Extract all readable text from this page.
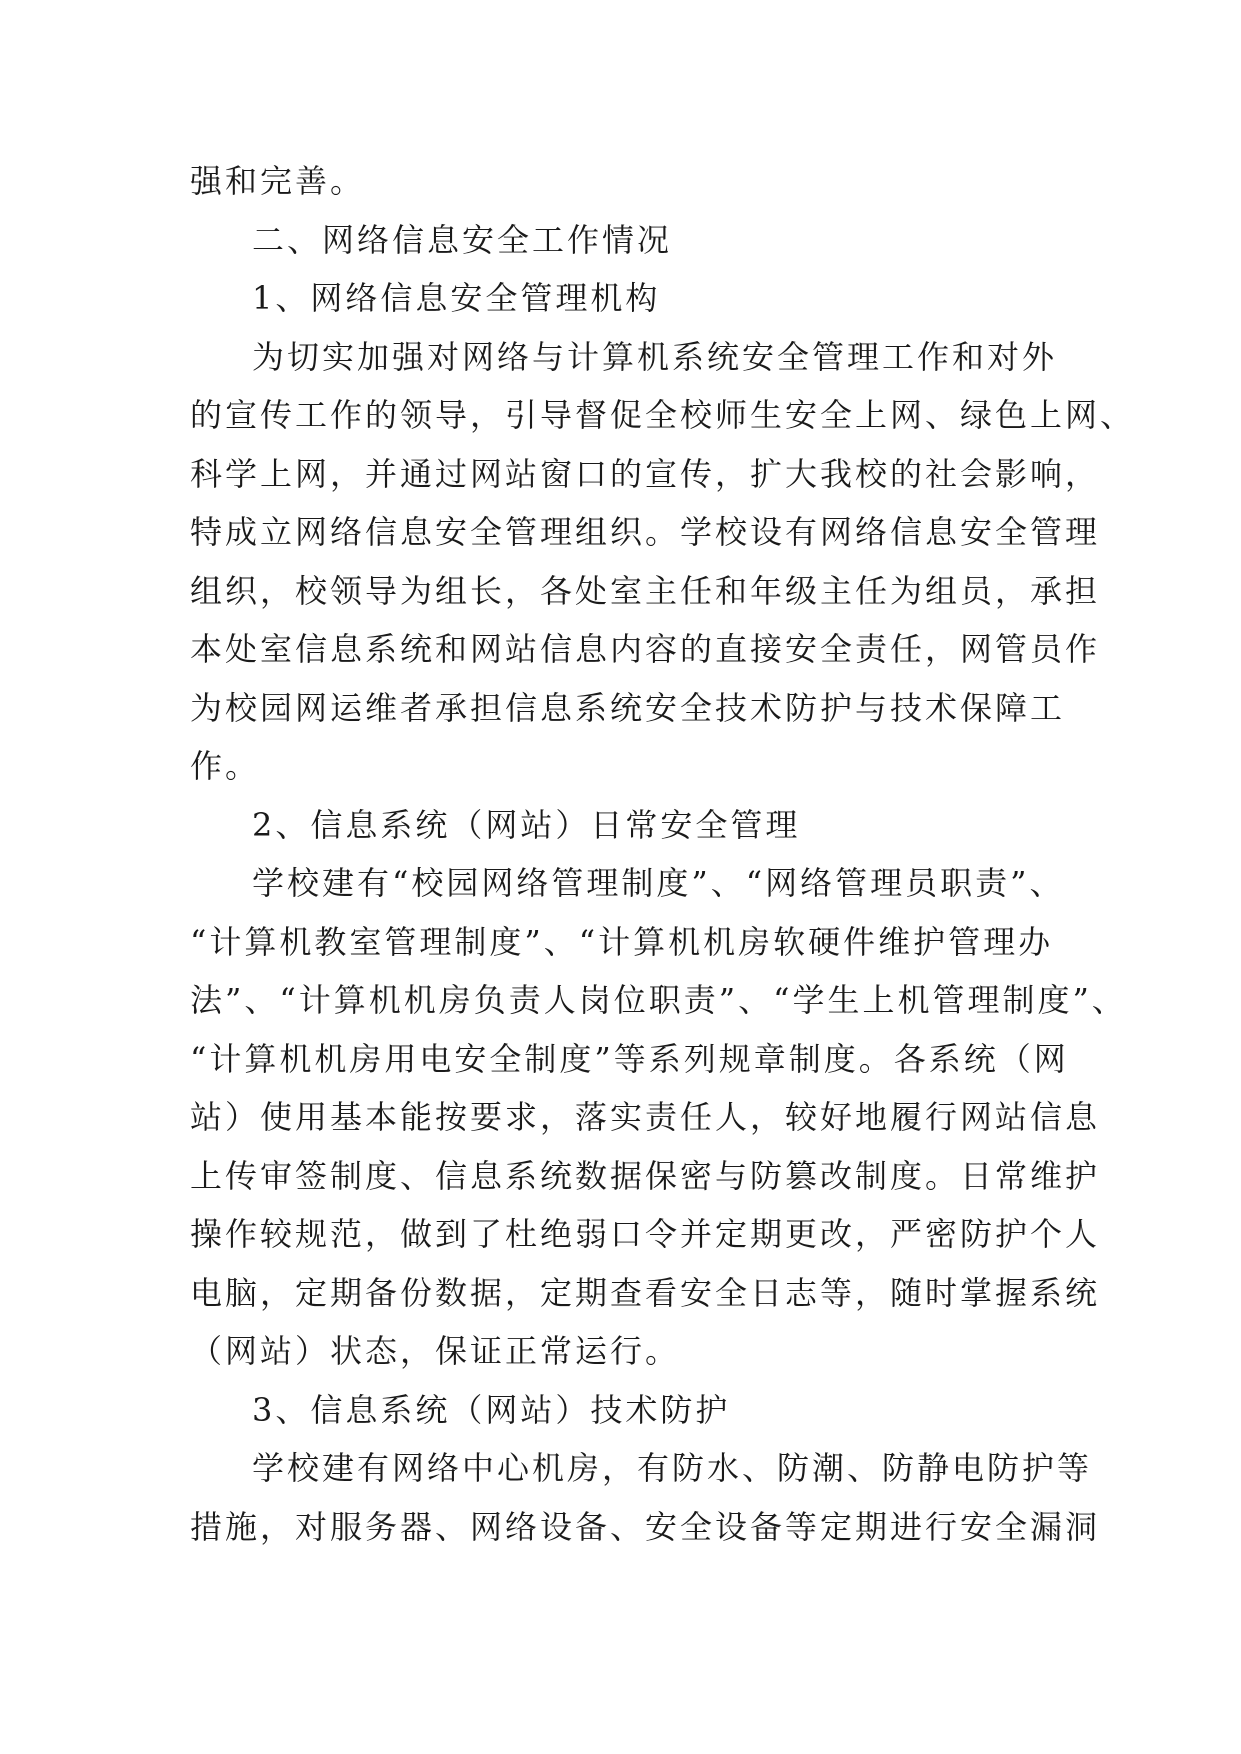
强和完善。
二、网络信息安全工作情况
1、网络信息安全管理机构
为切实加强对网络与计算机系统安全管理工作和对外
的宣传工作的领导，引导督促全校师生安全上网、绿色上网、
科学上网，并通过网站窗口的宣传，扩大我校的社会影响，
特成立网络信息安全管理组织。学校设有网络信息安全管理
组织，校领导为组长，各处室主任和年级主任为组员，承担
本处室信息系统和网站信息内容的直接安全责任，网管员作
为校园网运维者承担信息系统安全技术防护与技术保障工
作。
2、信息系统（网站）日常安全管理
学校建有“校园网络管理制度”、“网络管理员职责”、
“计算机教室管理制度”、“计算机机房软硬件维护管理办
法”、“计算机机房负责人岗位职责”、“学生上机管理制度”、
“计算机机房用电安全制度”等系列规章制度。各系统（网
站）使用基本能按要求，落实责任人，较好地履行网站信息
上传审签制度、信息系统数据保密与防篡改制度。日常维护
操作较规范，做到了杜绝弱口令并定期更改，严密防护个人
电脑，定期备份数据，定期查看安全日志等，随时掌握系统
（网站）状态，保证正常运行。
3、信息系统（网站）技术防护
学校建有网络中心机房，有防水、防潮、防静电防护等
措施，对服务器、网络设备、安全设备等定期进行安全漏洞
